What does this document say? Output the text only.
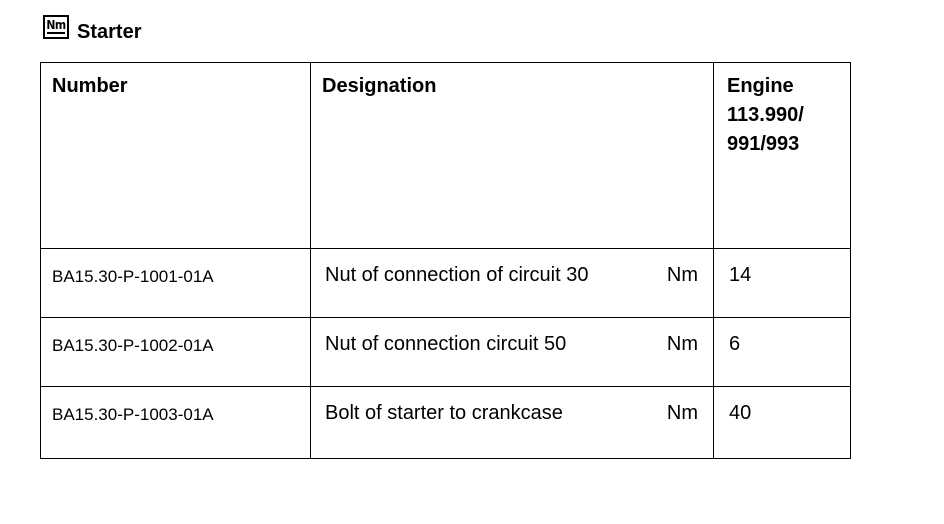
Nm Starter
Number	Designation	Engine
113.990/
991/993

BA15.30-P-1001-01A	Nut of connection of circuit 30 Nm	14
BA15.30-P-1002-01A	Nut of connection circuit 50 Nm	6
BA15.30-P-1003-01A	Bolt of starter to crankcase Nm	40
